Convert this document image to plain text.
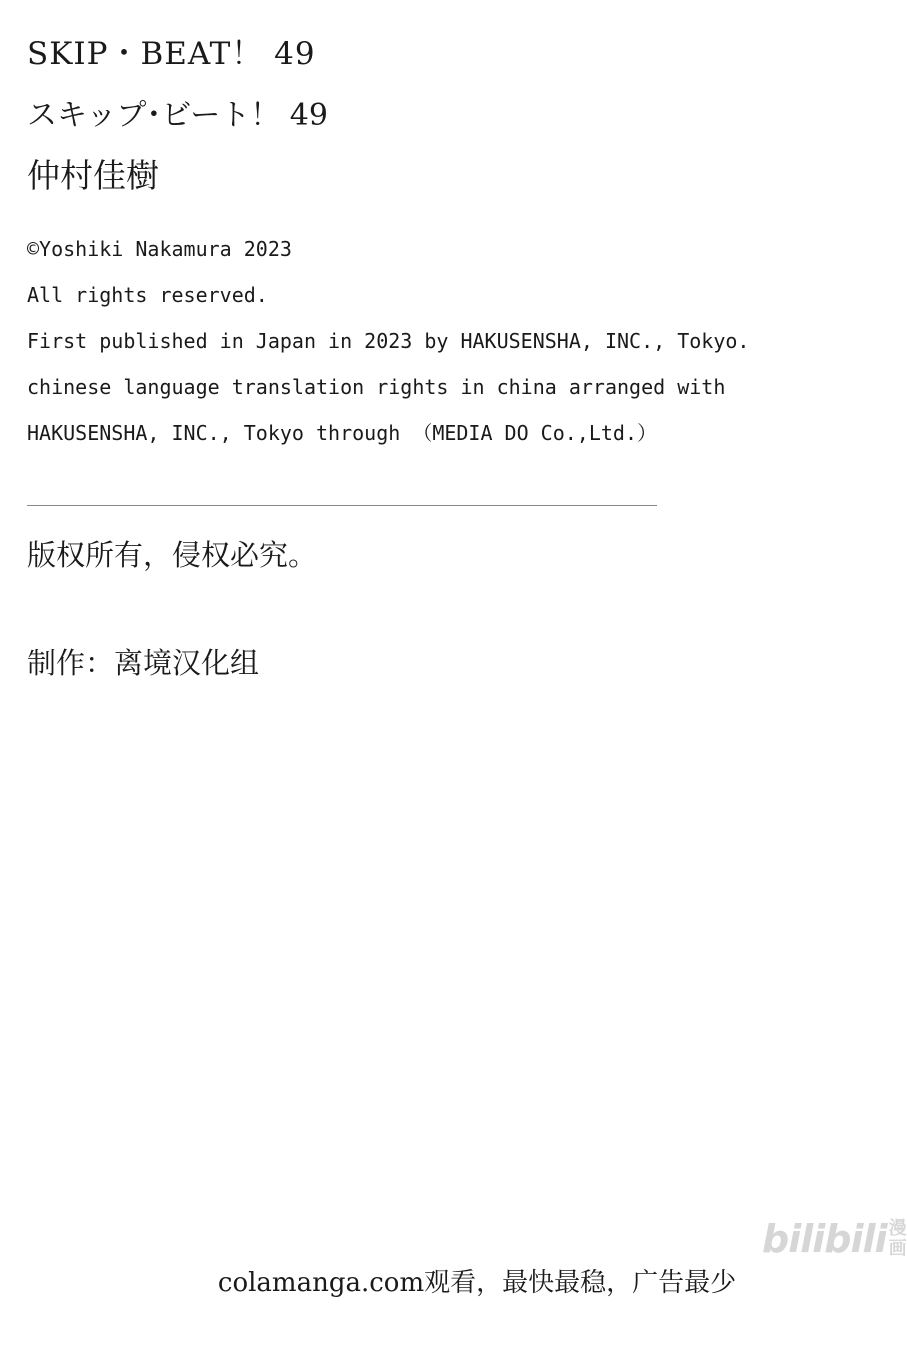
SKIP・BEAT！ 49
スキップ･ビート！ 49
仲村佳樹
©Yoshiki Nakamura 2023
All rights reserved.
First published in Japan in 2023 by HAKUSENSHA, INC., Tokyo.
chinese language translation rights in china arranged with
HAKUSENSHA, INC., Tokyo through （MEDIA DO Co.,Ltd.）
版权所有，侵权必究。
制作：离境汉化组
bilibili 漫
画
colamanga.com观看，最快最稳，广告最少
